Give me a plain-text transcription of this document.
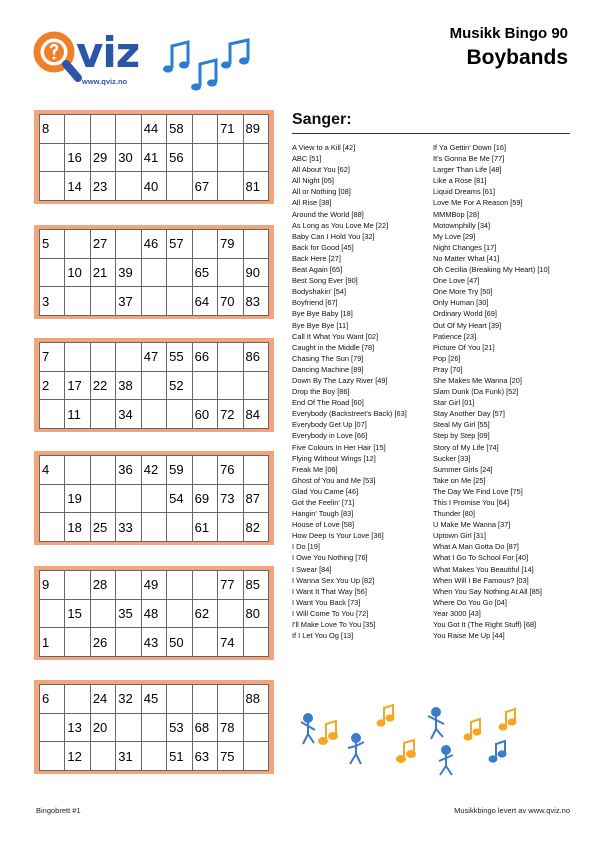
viz
www.qviz.no
Musikk Bingo 90
Boybands
8				44	58		71	89
	16	29	30	41	56			
	14	23		40		67		81
5		27		46	57		79	
	10	21	39			65		90
3			37			64	70	83
7				47	55	66		86
2	17	22	38		52			
	11		34			60	72	84
4			36	42	59		76	
	19				54	69	73	87
	18	25	33			61		82
9		28		49			77	85
	15		35	48		62		80
1		26		43	50		74	
6		24	32	45				88
	13	20			53	68	78	
	12		31		51	63	75	
Sanger:
A View to a Kill [42]
ABC [51]
All About You [62]
All Night [05]
All or Nothing [08]
All Rise [38]
Around the World [88]
As Long as You Love Me [22]
Baby Can I Hold You [32]
Back for Good [45]
Back Here [27]
Beat Again [65]
Best Song Ever [90]
Bodyshakin' [54]
Boyfriend [67]
Bye Bye Baby [18]
Bye Bye Bye [11]
Call It What You Want [02]
Caught in the Middle [78]
Chasing The Sun [79]
Dancing Machine [89]
Down By The Lazy River [49]
Drop the Boy [86]
End Of The Road [60]
Everybody (Backstreet's Back) [63]
Everybody Get Up [07]
Everybody in Love [66]
Five Colours In Her Hair [15]
Flying Without Wings [12]
Freak Me [06]
Ghost of You and Me [53]
Glad You Came [46]
Got the Feelin' [71]
Hangin' Tough [83]
House of Love [58]
How Deep Is Your Love [36]
I Do [19]
I Owe You Nothing [76]
I Swear [84]
I Wanna Sex You Up [82]
I Want It That Way [56]
I Want You Back [73]
I Will Come To You [72]
I'll Make Love To You [35]
If I Let You Og [13]
If Ya Gettin' Down [16]
It's Gonna Be Me [77]
Larger Than Life [48]
Like a Rose [81]
Liquid Dreams [61]
Love Me For A Reason [59]
MMMBop [28]
Motownphilly [34]
My Love [29]
Night Changes [17]
No Matter What [41]
Oh Cecilia (Breaking My Heart) [10]
One Love [47]
One More Try [50]
Only Human [30]
Ordinary World [69]
Out Of My Heart [39]
Patience [23]
Picture Of You [21]
Pop [26]
Pray [70]
She Makes Me Wanna [20]
Slam Dunk (Da Funk) [52]
Star Girl [01]
Stay Another Day [57]
Steal My Girl [55]
Step by Step [09]
Story of My Life [74]
Sucker [33]
Summer Girls [24]
Take on Me [25]
The Day We Find Love [75]
This I Promise You [64]
Thunder [80]
U Make Me Wanna [37]
Uptown Girl [31]
What A Man Gotta Do [87]
What I Go To School For [40]
What Makes You Beautiful [14]
When Will I Be Famous? [03]
When You Say Nothing At All [85]
Where Do You Go [04]
Year 3000 [43]
You Got It (The Right Stuff) [68]
You Raise Me Up [44]
Bingobrett #1	Musikkbingo levert av www.qviz.no
